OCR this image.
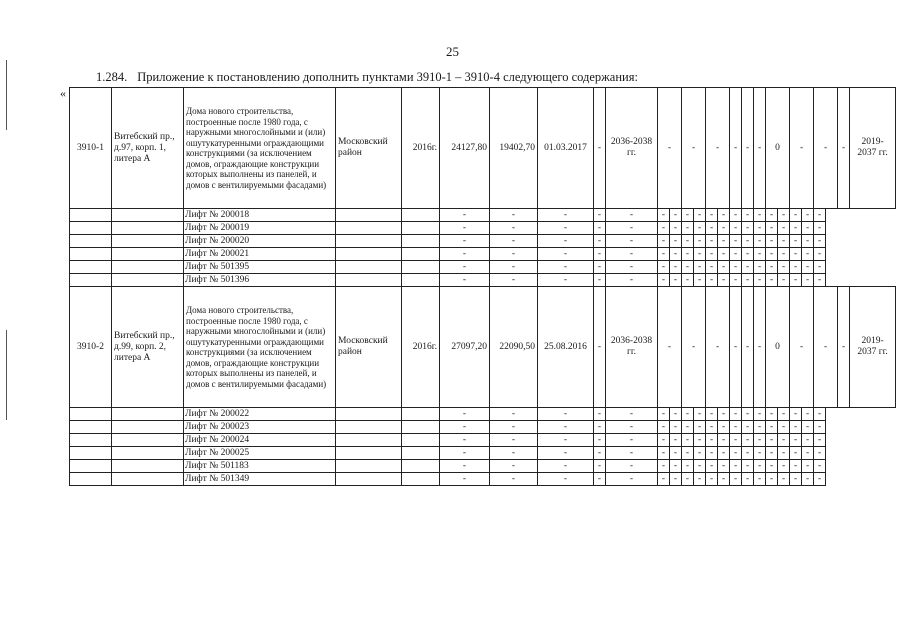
25
1.284. Приложение к постановлению дополнить пунктами 3910-1 – 3910-4 следующего содержания:
«
3910-1	Витебский пр., д.97, корп. 1, литера А	Дома нового строительства, построенные после 1980 года, с наружными многослойными и (или) ошутукатуренными ограждающими конструкциями (за исключением домов, ограждающие конструкции которых выполнены из панелей, и домов с вентилируемыми фасадами)	Московский район	2016г.	24127,80	19402,70	01.03.2017	-	2036-2038 гг.	-		-		-		-	-	-	0		-		-	-	2019-2037 гг.
		Лифт № 200018			-	-	-	-	-	-	-	-	-	-	-	-	-	-	-	-	-	-	-		
		Лифт № 200019			-	-	-	-	-	-	-	-	-	-	-	-	-	-	-	-	-	-	-		
		Лифт № 200020			-	-	-	-	-	-	-	-	-	-	-	-	-	-	-	-	-	-	-		
		Лифт № 200021			-	-	-	-	-	-	-	-	-	-	-	-	-	-	-	-	-	-	-		
		Лифт № 501395			-	-	-	-	-	-	-	-	-	-	-	-	-	-	-	-	-	-	-		
		Лифт № 501396			-	-	-	-	-	-	-	-	-	-	-	-	-	-	-	-	-	-	-		
3910-2	Витебский пр., д.99, корп. 2, литера А	Дома нового строительства, построенные после 1980 года, с наружными многослойными и (или) ошутукатуренными ограждающими конструкциями (за исключением домов, ограждающие конструкции которых выполнены из панелей, и домов с вентилируемыми фасадами)	Московский район	2016г.	27097,20	22090,50	25.08.2016	-	2036-2038 гг.	-		-		-		-	-	-	0		-		-	-	2019-2037 гг.
		Лифт № 200022			-	-	-	-	-	-	-	-	-	-	-	-	-	-	-	-	-	-	-		
		Лифт № 200023			-	-	-	-	-	-	-	-	-	-	-	-	-	-	-	-	-	-	-		
		Лифт № 200024			-	-	-	-	-	-	-	-	-	-	-	-	-	-	-	-	-	-	-		
		Лифт № 200025			-	-	-	-	-	-	-	-	-	-	-	-	-	-	-	-	-	-	-		
		Лифт № 501183			-	-	-	-	-	-	-	-	-	-	-	-	-	-	-	-	-	-	-		
		Лифт № 501349			-	-	-	-	-	-	-	-	-	-	-	-	-	-	-	-	-	-	-		
